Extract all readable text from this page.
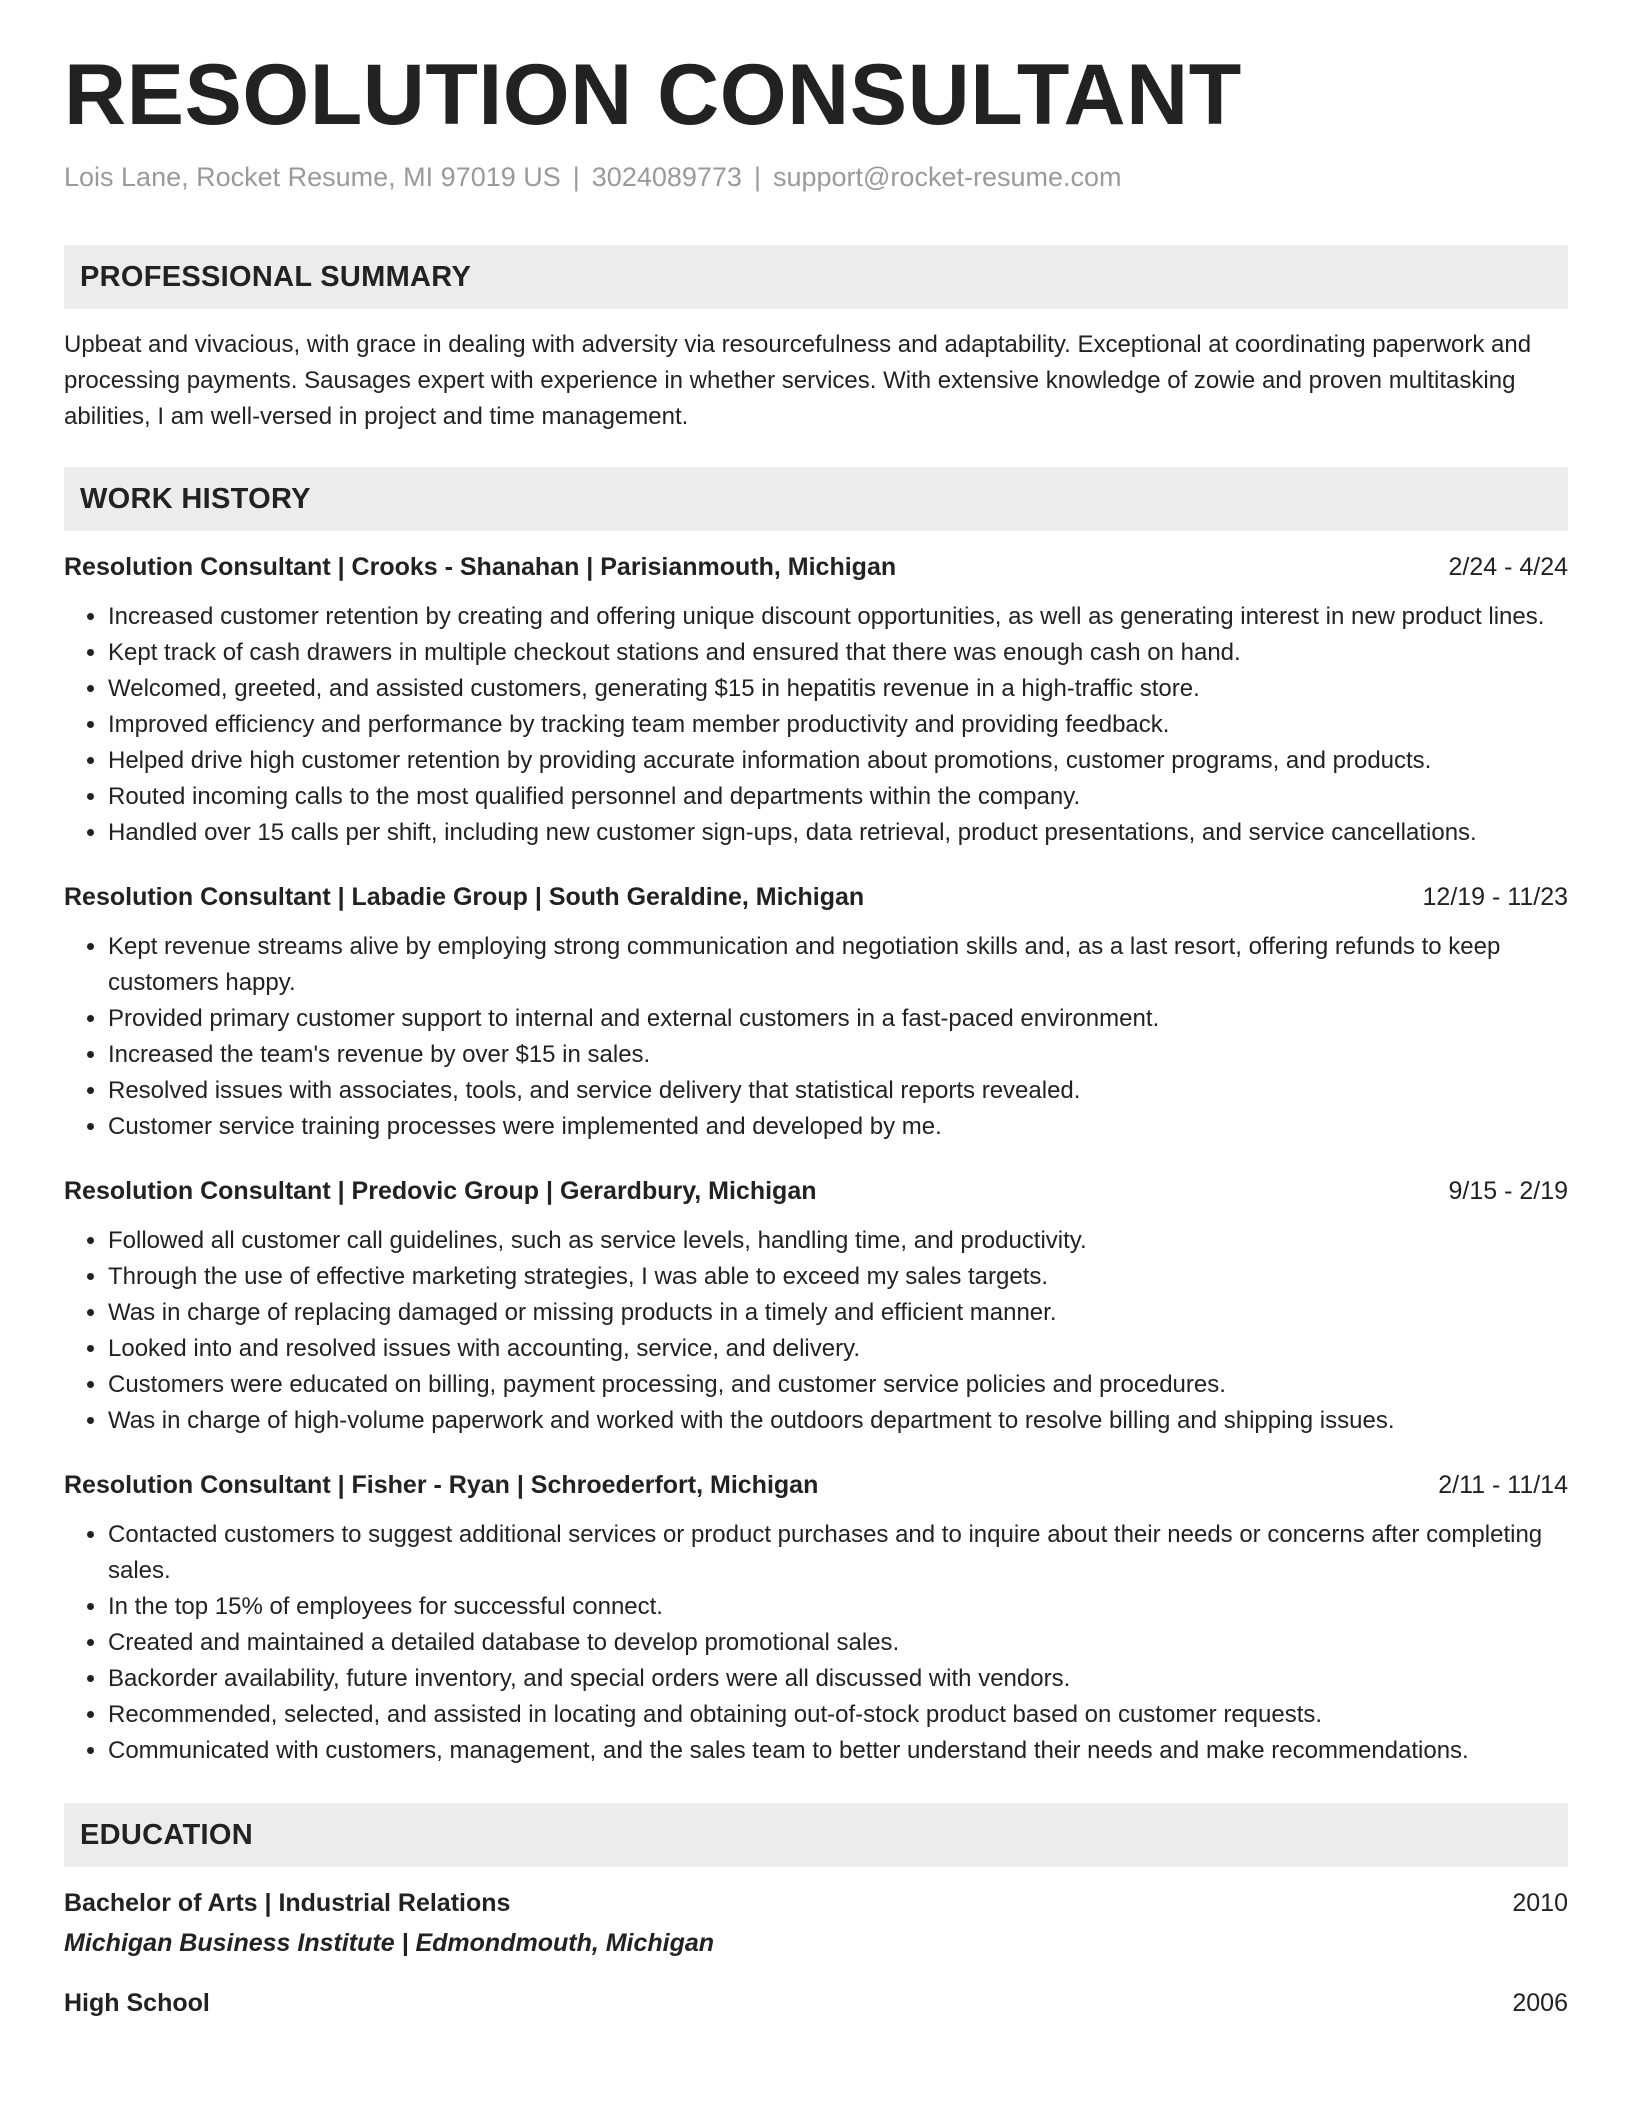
RESOLUTION CONSULTANT
Lois Lane, Rocket Resume, MI 97019 US | 3024089773 | support@rocket-resume.com
PROFESSIONAL SUMMARY

Upbeat and vivacious, with grace in dealing with adversity via resourcefulness and adaptability. Exceptional at coordinating paperwork and processing payments. Sausages expert with experience in whether services. With extensive knowledge of zowie and proven multitasking abilities, I am well-versed in project and time management.

WORK HISTORY
Resolution Consultant | Crooks - Shanahan | Parisianmouth, Michigan	2/24 - 4/24
• Increased customer retention by creating and offering unique discount opportunities, as well as generating interest in new product lines.
• Kept track of cash drawers in multiple checkout stations and ensured that there was enough cash on hand.
• Welcomed, greeted, and assisted customers, generating $15 in hepatitis revenue in a high-traffic store.
• Improved efficiency and performance by tracking team member productivity and providing feedback.
• Helped drive high customer retention by providing accurate information about promotions, customer programs, and products.
• Routed incoming calls to the most qualified personnel and departments within the company.
• Handled over 15 calls per shift, including new customer sign-ups, data retrieval, product presentations, and service cancellations.
Resolution Consultant | Labadie Group | South Geraldine, Michigan	12/19 - 11/23
• Kept revenue streams alive by employing strong communication and negotiation skills and, as a last resort, offering refunds to keep customers happy.
• Provided primary customer support to internal and external customers in a fast-paced environment.
• Increased the team's revenue by over $15 in sales.
• Resolved issues with associates, tools, and service delivery that statistical reports revealed.
• Customer service training processes were implemented and developed by me.
Resolution Consultant | Predovic Group | Gerardbury, Michigan	9/15 - 2/19
• Followed all customer call guidelines, such as service levels, handling time, and productivity.
• Through the use of effective marketing strategies, I was able to exceed my sales targets.
• Was in charge of replacing damaged or missing products in a timely and efficient manner.
• Looked into and resolved issues with accounting, service, and delivery.
• Customers were educated on billing, payment processing, and customer service policies and procedures.
• Was in charge of high-volume paperwork and worked with the outdoors department to resolve billing and shipping issues.
Resolution Consultant | Fisher - Ryan | Schroederfort, Michigan	2/11 - 11/14
• Contacted customers to suggest additional services or product purchases and to inquire about their needs or concerns after completing sales.
• In the top 15% of employees for successful connect.
• Created and maintained a detailed database to develop promotional sales.
• Backorder availability, future inventory, and special orders were all discussed with vendors.
• Recommended, selected, and assisted in locating and obtaining out-of-stock product based on customer requests.
• Communicated with customers, management, and the sales team to better understand their needs and make recommendations.
EDUCATION
Bachelor of Arts | Industrial Relations	2010
Michigan Business Institute | Edmondmouth, Michigan
High School	2006
